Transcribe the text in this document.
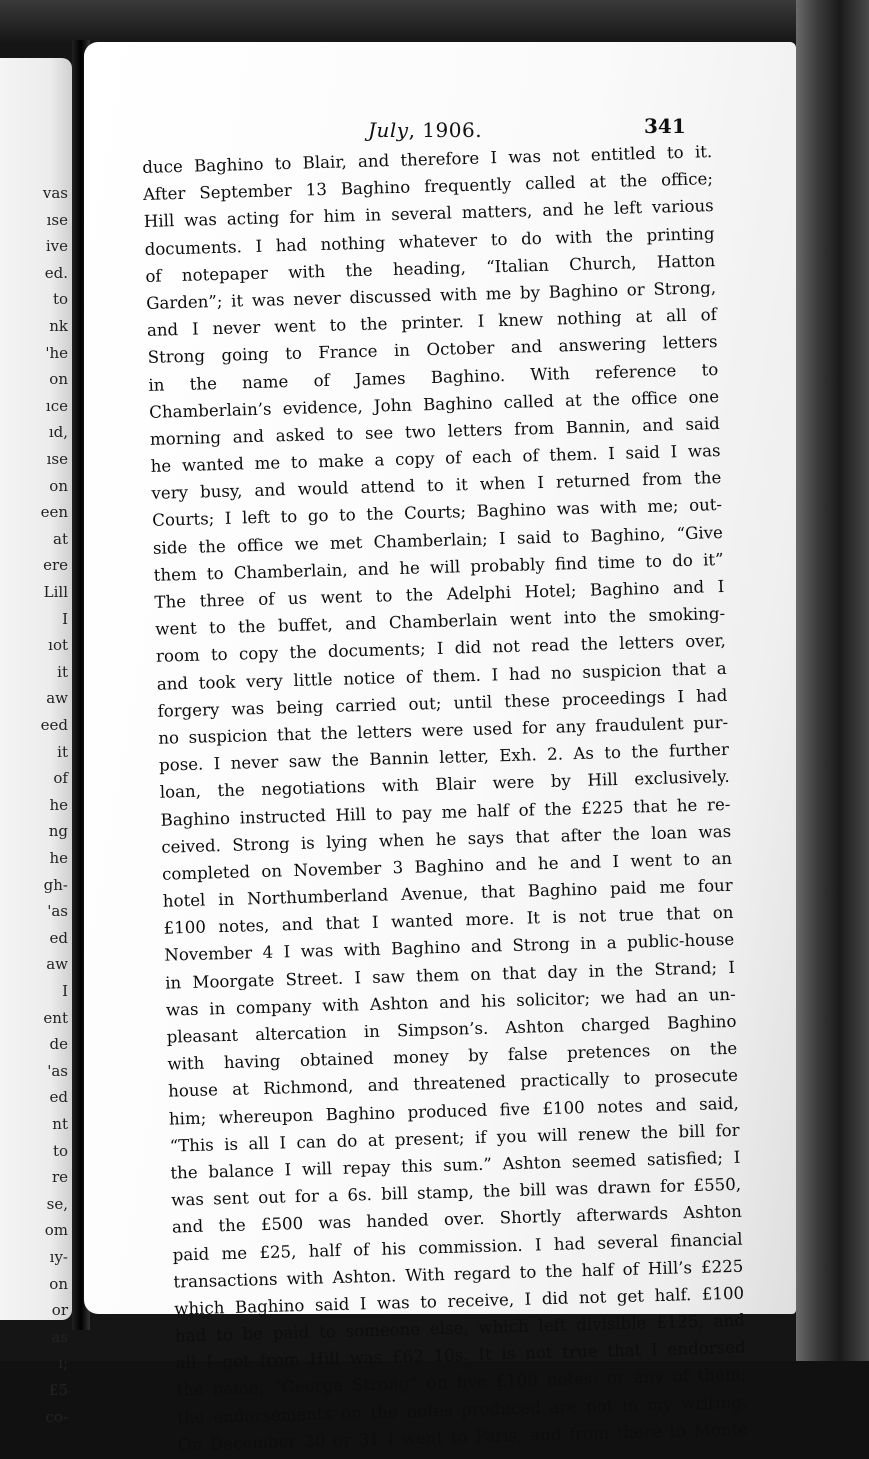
vas
ıse
ive
ed.
to
nk
'he
on
ıce
ıd,
ıse
on
een
at
ere
Lill
I
ıot
it
aw
eed
it
of
he
ng
he
gh-
'as
ed
aw
I
ent
de
'as
ed
nt
to
re
se,
om
ıy-
on
or
as
ı;
£5
co-
July, 1906.	341
duce Baghino to Blair, and therefore I was not entitled to it.
After September 13 Baghino frequently called at the office;
Hill was acting for him in several matters, and he left various
documents. I had nothing whatever to do with the printing
of notepaper with the heading, “Italian Church, Hatton
Garden”; it was never discussed with me by Baghino or Strong,
and I never went to the printer. I knew nothing at all of
Strong going to France in October and answering letters
in the name of James Baghino. With reference to
Chamberlain’s evidence, John Baghino called at the office one
morning and asked to see two letters from Bannin, and said
he wanted me to make a copy of each of them. I said I was
very busy, and would attend to it when I returned from the
Courts; I left to go to the Courts; Baghino was with me; out-
side the office we met Chamberlain; I said to Baghino, “Give
them to Chamberlain, and he will probably find time to do it”
The three of us went to the Adelphi Hotel; Baghino and I
went to the buffet, and Chamberlain went into the smoking-
room to copy the documents; I did not read the letters over,
and took very little notice of them. I had no suspicion that a
forgery was being carried out; until these proceedings I had
no suspicion that the letters were used for any fraudulent pur-
pose. I never saw the Bannin letter, Exh. 2. As to the further
loan, the negotiations with Blair were by Hill exclusively.
Baghino instructed Hill to pay me half of the £225 that he re-
ceived. Strong is lying when he says that after the loan was
completed on November 3 Baghino and he and I went to an
hotel in Northumberland Avenue, that Baghino paid me four
£100 notes, and that I wanted more. It is not true that on
November 4 I was with Baghino and Strong in a public-house
in Moorgate Street. I saw them on that day in the Strand; I
was in company with Ashton and his solicitor; we had an un-
pleasant altercation in Simpson’s. Ashton charged Baghino
with having obtained money by false pretences on the
house at Richmond, and threatened practically to prosecute
him; whereupon Baghino produced five £100 notes and said,
“This is all I can do at present; if you will renew the bill for
the balance I will repay this sum.” Ashton seemed satisfied; I
was sent out for a 6s. bill stamp, the bill was drawn for £550,
and the £500 was handed over. Shortly afterwards Ashton
paid me £25, half of his commission. I had several financial
transactions with Ashton. With regard to the half of Hill’s £225
which Baghino said I was to receive, I did not get half. £100
had to be paid to someone else, which left divisible £125, and
all I got from Hill was £62 10s. It is not true that I endorsed
the name, “George Strong” on five £100 notes, or any of them;
the endorsements on the notes produced are not in my writing.
On December 30 or 31 I went to Paris, and from there to Monte
